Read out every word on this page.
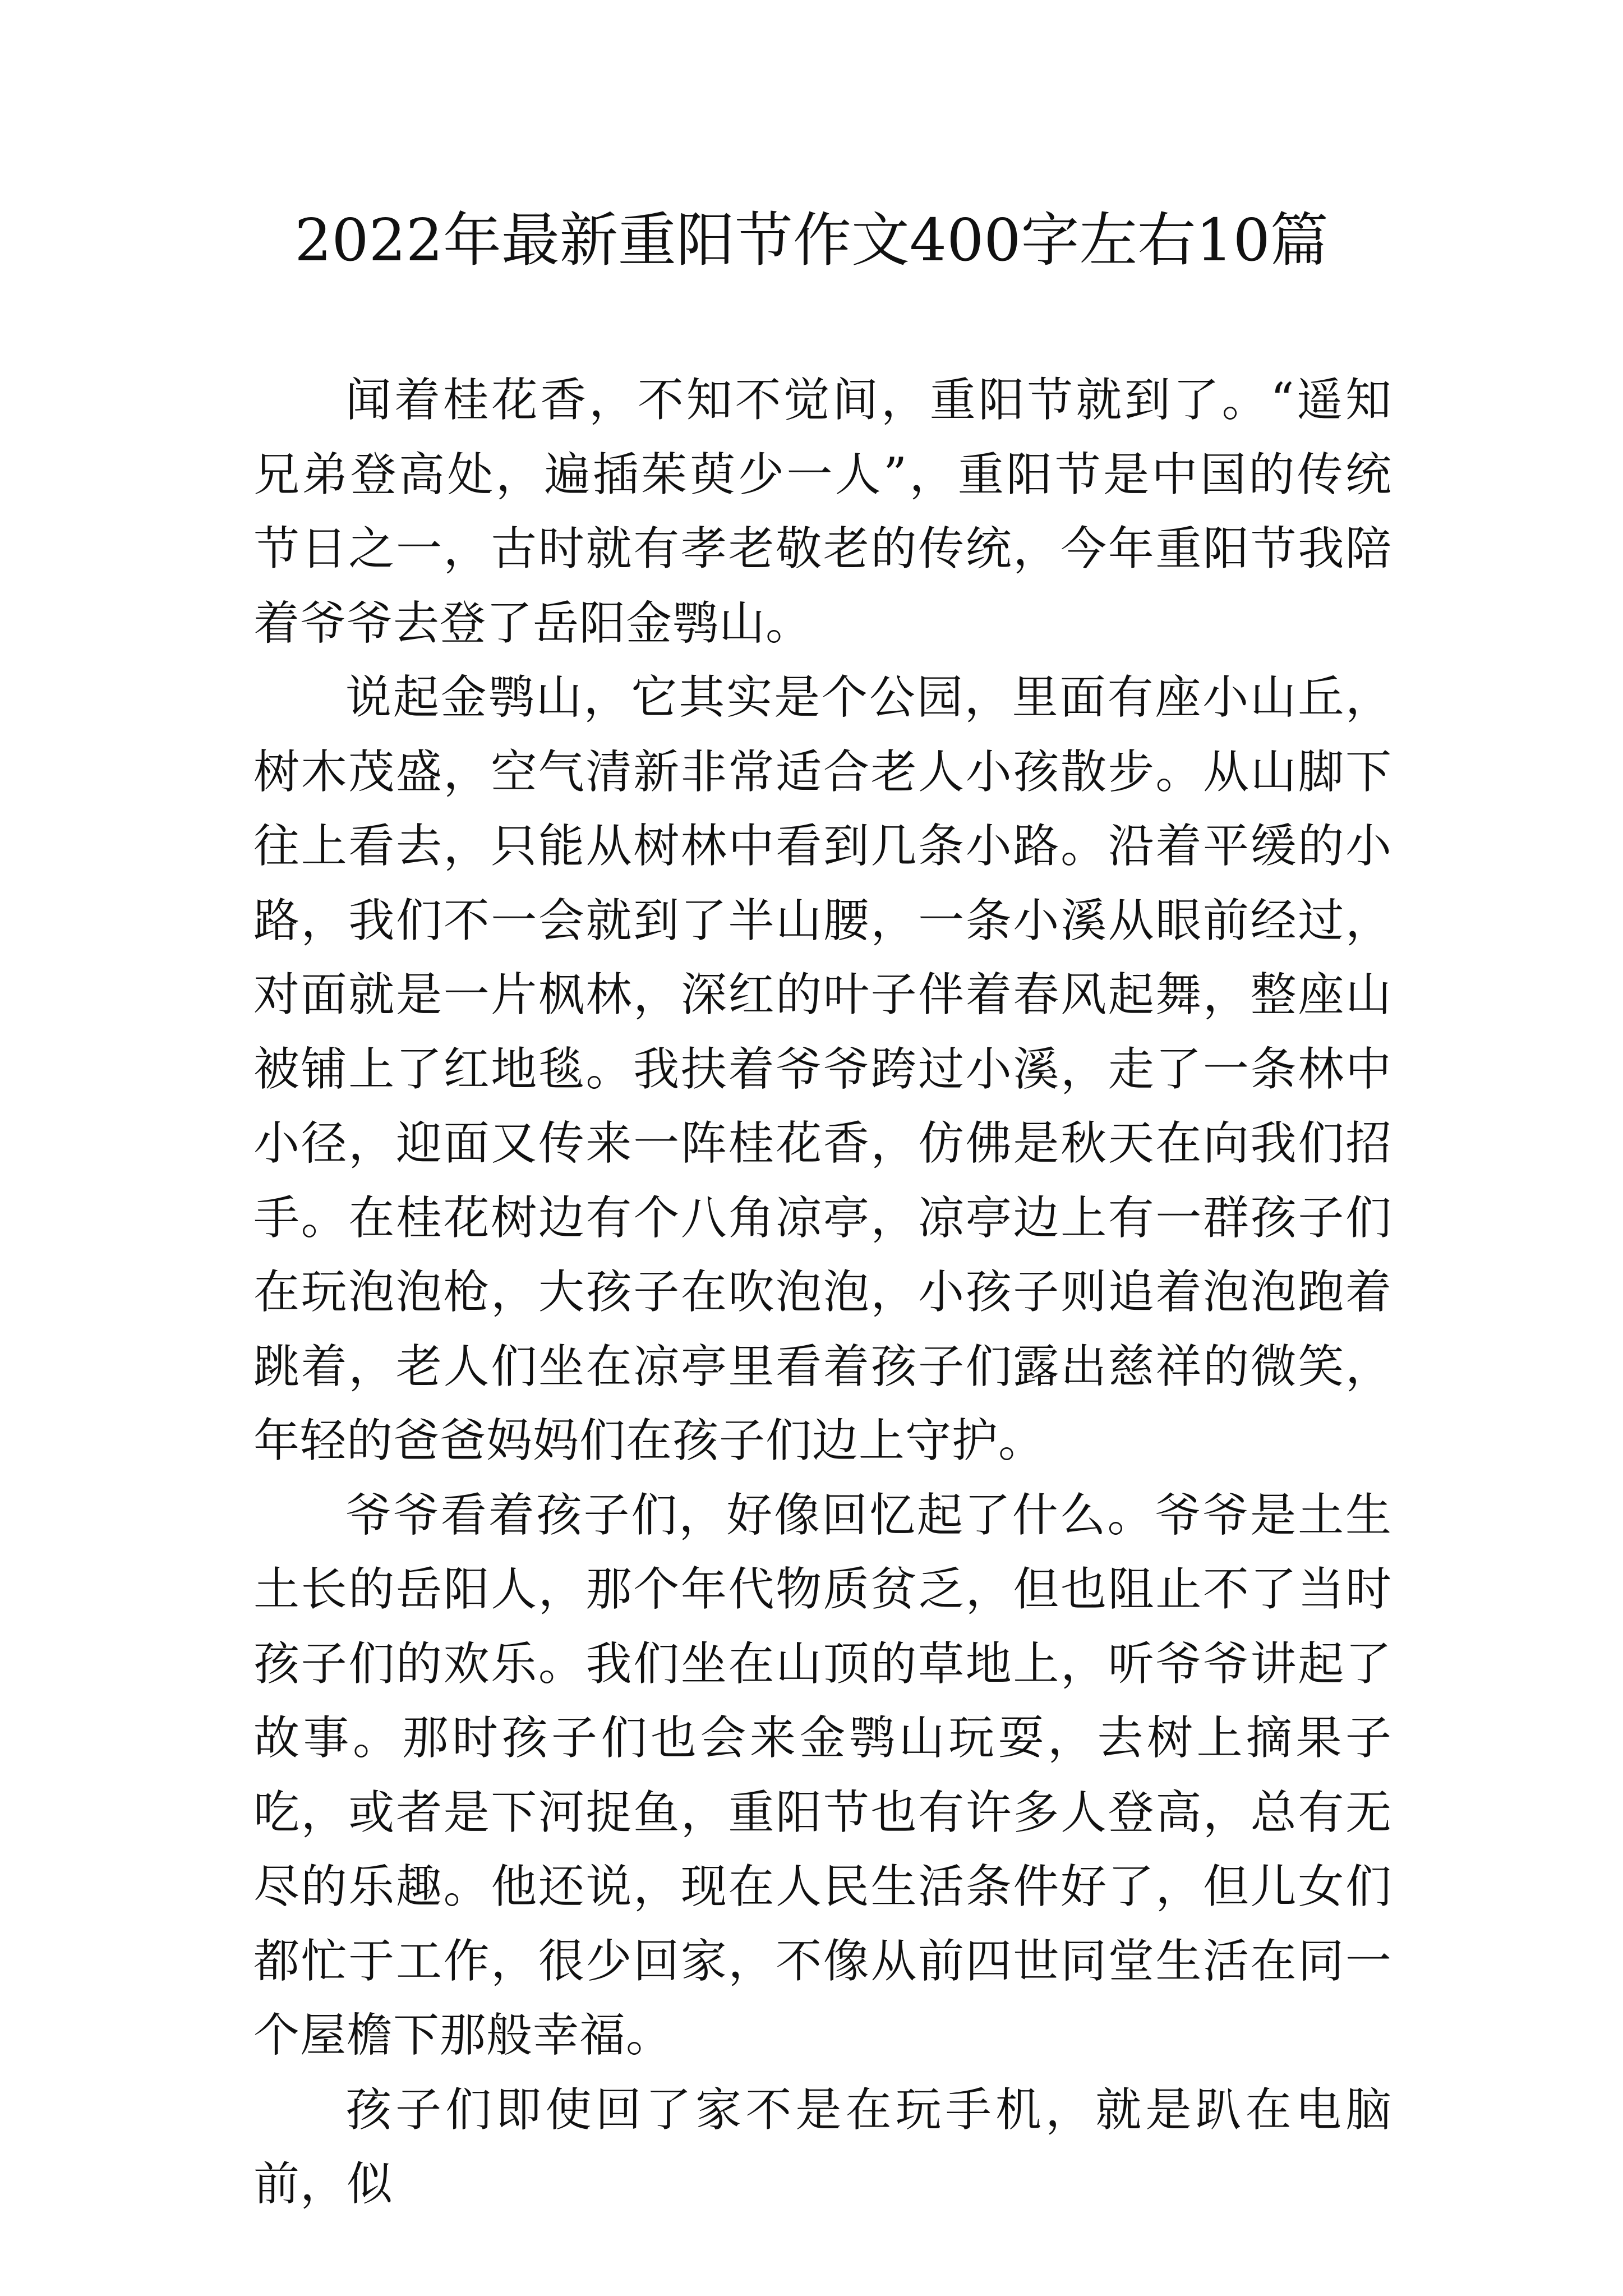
2022年最新重阳节作文400字左右10篇

闻着桂花香，不知不觉间，重阳节就到了。“遥知兄弟登高处，遍插茱萸少一人”，重阳节是中国的传统节日之一，古时就有孝老敬老的传统，今年重阳节我陪着爷爷去登了岳阳金鹗山。

说起金鹗山，它其实是个公园，里面有座小山丘，树木茂盛，空气清新非常适合老人小孩散步。从山脚下往上看去，只能从树林中看到几条小路。沿着平缓的小路，我们不一会就到了半山腰，一条小溪从眼前经过，对面就是一片枫林，深红的叶子伴着春风起舞，整座山被铺上了红地毯。我扶着爷爷跨过小溪，走了一条林中小径，迎面又传来一阵桂花香，仿佛是秋天在向我们招手。在桂花树边有个八角凉亭，凉亭边上有一群孩子们在玩泡泡枪，大孩子在吹泡泡，小孩子则追着泡泡跑着跳着，老人们坐在凉亭里看着孩子们露出慈祥的微笑，年轻的爸爸妈妈们在孩子们边上守护。

爷爷看着孩子们，好像回忆起了什么。爷爷是土生土长的岳阳人，那个年代物质贫乏，但也阻止不了当时孩子们的欢乐。我们坐在山顶的草地上，听爷爷讲起了故事。那时孩子们也会来金鹗山玩耍，去树上摘果子吃，或者是下河捉鱼，重阳节也有许多人登高，总有无尽的乐趣。他还说，现在人民生活条件好了，但儿女们都忙于工作，很少回家，不像从前四世同堂生活在同一个屋檐下那般幸福。

孩子们即使回了家不是在玩手机，就是趴在电脑前，似
